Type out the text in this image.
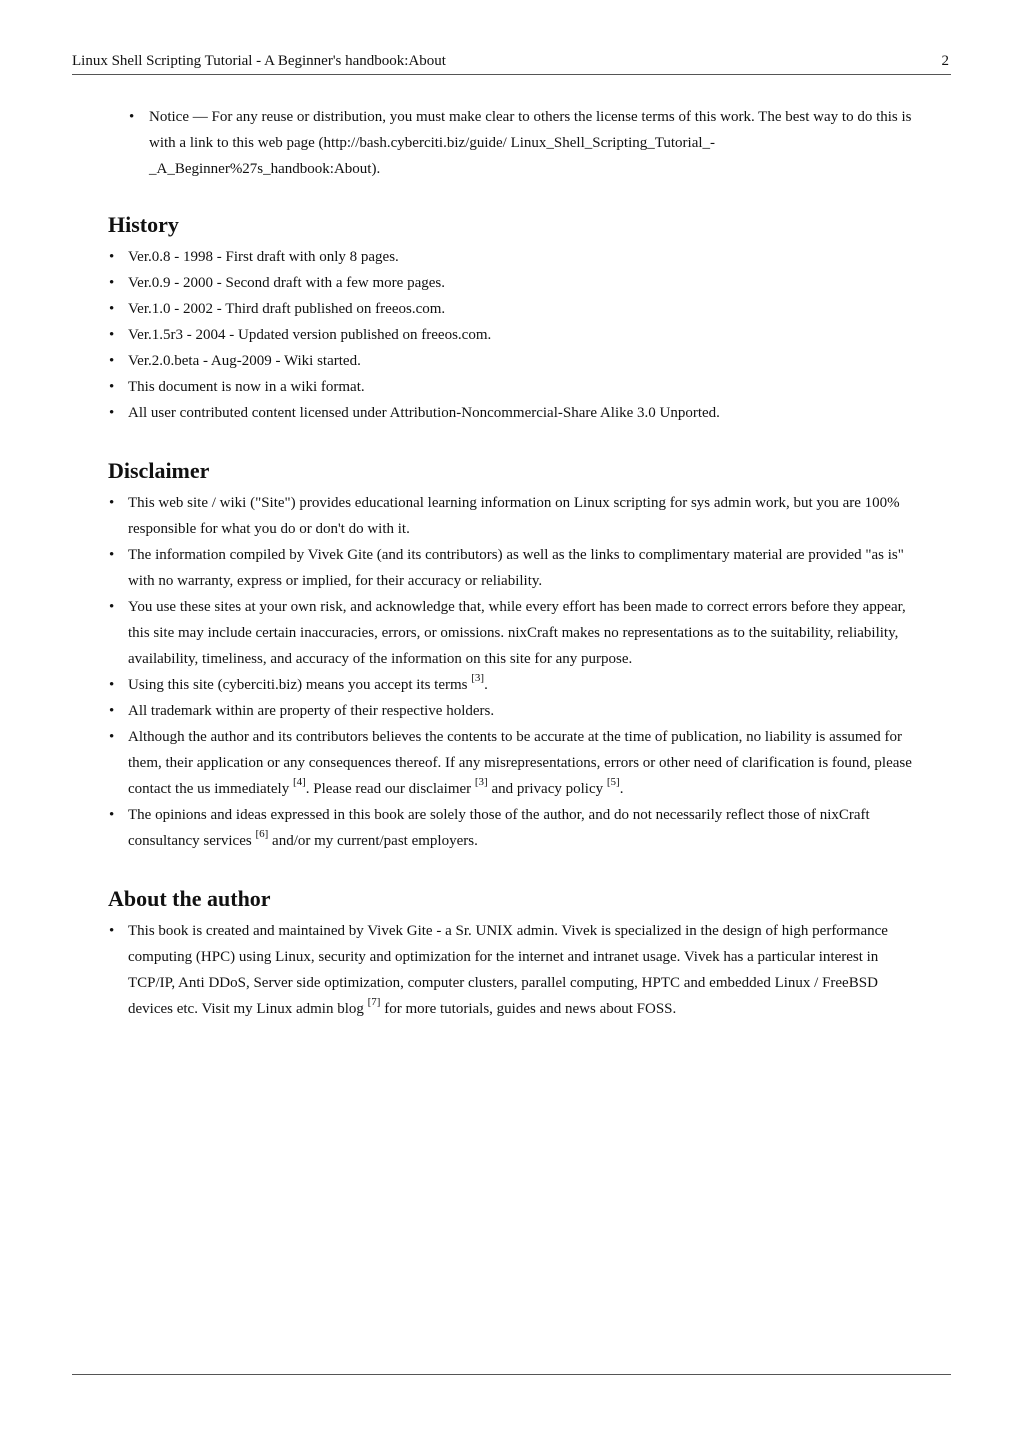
Linux Shell Scripting Tutorial - A Beginner's handbook:About	2
• Notice — For any reuse or distribution, you must make clear to others the license terms of this work. The best way to do this is with a link to this web page (http://bash.cyberciti.biz/guide/ Linux_Shell_Scripting_Tutorial_-_A_Beginner%27s_handbook:About).
History
• Ver.0.8 - 1998 - First draft with only 8 pages.
• Ver.0.9 - 2000 - Second draft with a few more pages.
• Ver.1.0 - 2002 - Third draft published on freeos.com.
• Ver.1.5r3 - 2004 - Updated version published on freeos.com.
• Ver.2.0.beta - Aug-2009 - Wiki started.
• This document is now in a wiki format.
• All user contributed content licensed under Attribution-Noncommercial-Share Alike 3.0 Unported.
Disclaimer
• This web site / wiki ("Site") provides educational learning information on Linux scripting for sys admin work, but you are 100% responsible for what you do or don't do with it.
• The information compiled by Vivek Gite (and its contributors) as well as the links to complimentary material are provided "as is" with no warranty, express or implied, for their accuracy or reliability.
• You use these sites at your own risk, and acknowledge that, while every effort has been made to correct errors before they appear, this site may include certain inaccuracies, errors, or omissions. nixCraft makes no representations as to the suitability, reliability, availability, timeliness, and accuracy of the information on this site for any purpose.
• Using this site (cyberciti.biz) means you accept its terms [3].
• All trademark within are property of their respective holders.
• Although the author and its contributors believes the contents to be accurate at the time of publication, no liability is assumed for them, their application or any consequences thereof. If any misrepresentations, errors or other need of clarification is found, please contact the us immediately [4]. Please read our disclaimer [3] and privacy policy [5].
• The opinions and ideas expressed in this book are solely those of the author, and do not necessarily reflect those of nixCraft consultancy services [6] and/or my current/past employers.
About the author
• This book is created and maintained by Vivek Gite - a Sr. UNIX admin. Vivek is specialized in the design of high performance computing (HPC) using Linux, security and optimization for the internet and intranet usage. Vivek has a particular interest in TCP/IP, Anti DDoS, Server side optimization, computer clusters, parallel computing, HPTC and embedded Linux / FreeBSD devices etc. Visit my Linux admin blog [7] for more tutorials, guides and news about FOSS.
